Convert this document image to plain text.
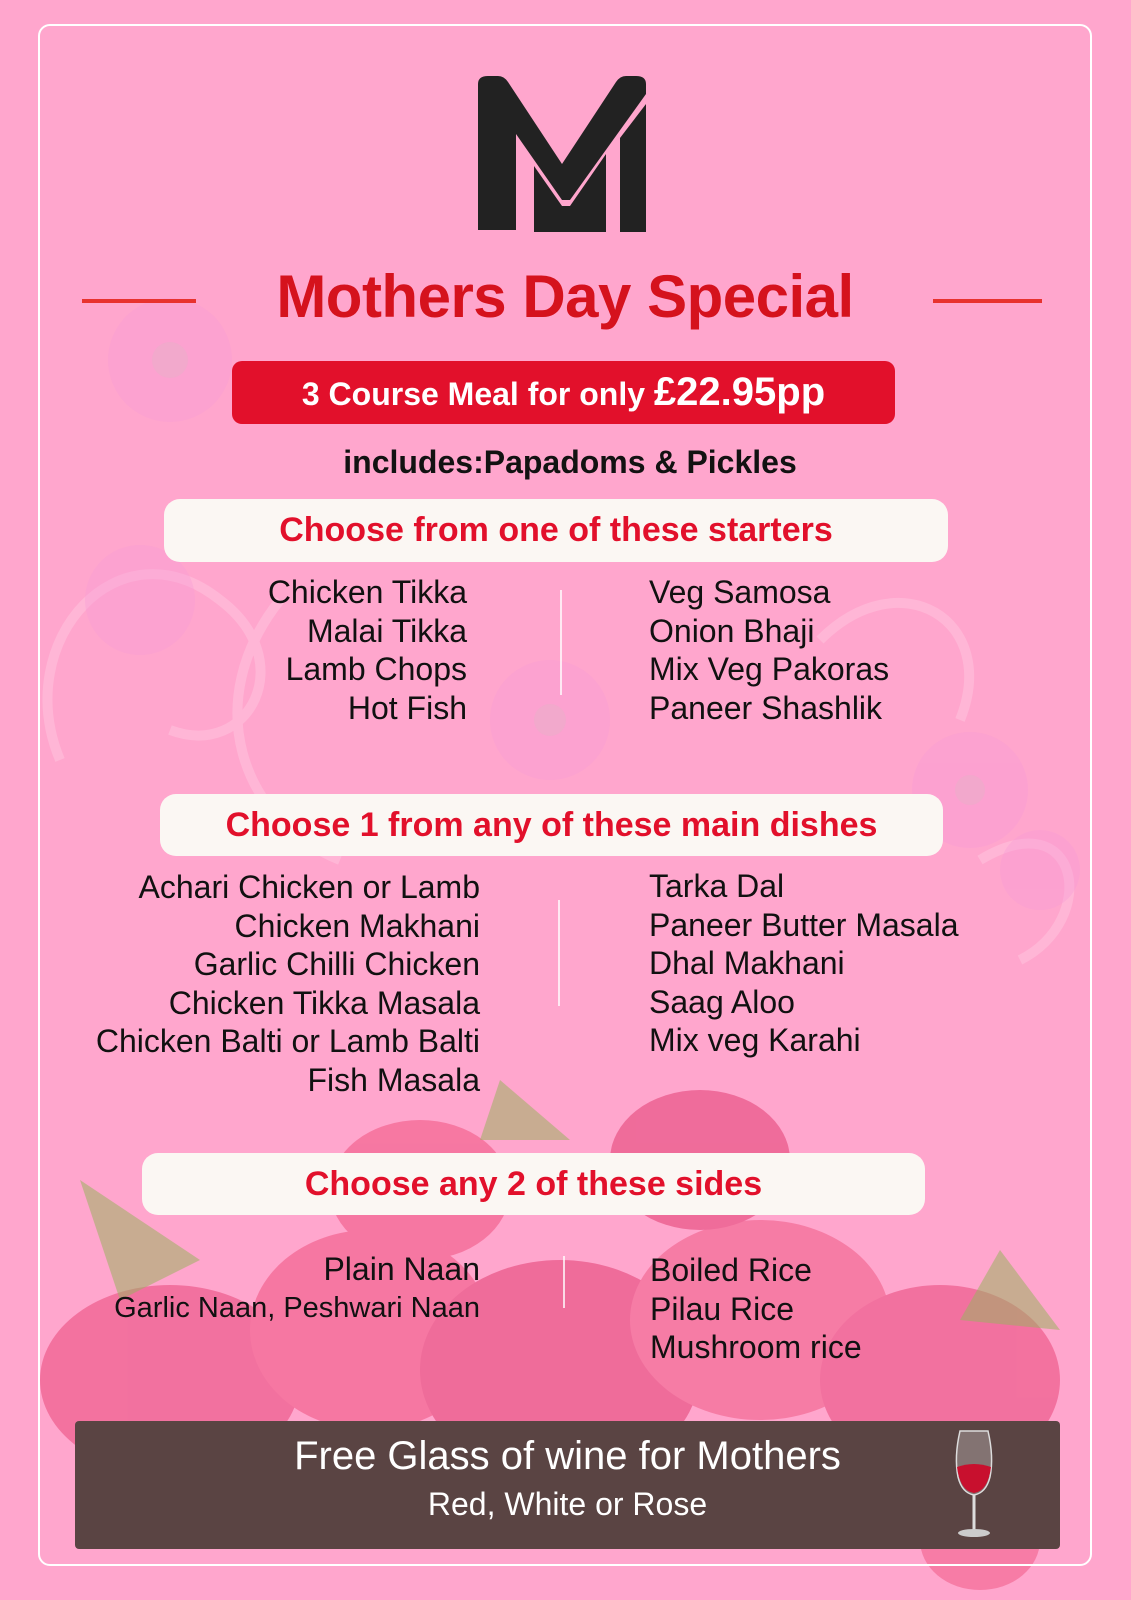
Mothers Day Special
3 Course Meal for only £22.95pp
includes:Papadoms & Pickles
Choose from one of these starters
Chicken Tikka
Malai Tikka
Lamb Chops
Hot Fish
Veg Samosa
Onion Bhaji
Mix Veg Pakoras
Paneer Shashlik
Choose 1 from any of these main dishes
Achari Chicken or Lamb
Chicken Makhani
Garlic Chilli Chicken
Chicken Tikka Masala
Chicken Balti or Lamb Balti
Fish Masala
Tarka Dal
Paneer Butter Masala
Dhal Makhani
Saag Aloo
Mix veg Karahi
Choose any 2 of these sides
Plain Naan
Garlic Naan, Peshwari Naan
Boiled Rice
Pilau Rice
Mushroom rice
Free Glass of wine for Mothers
Red, White or Rose
